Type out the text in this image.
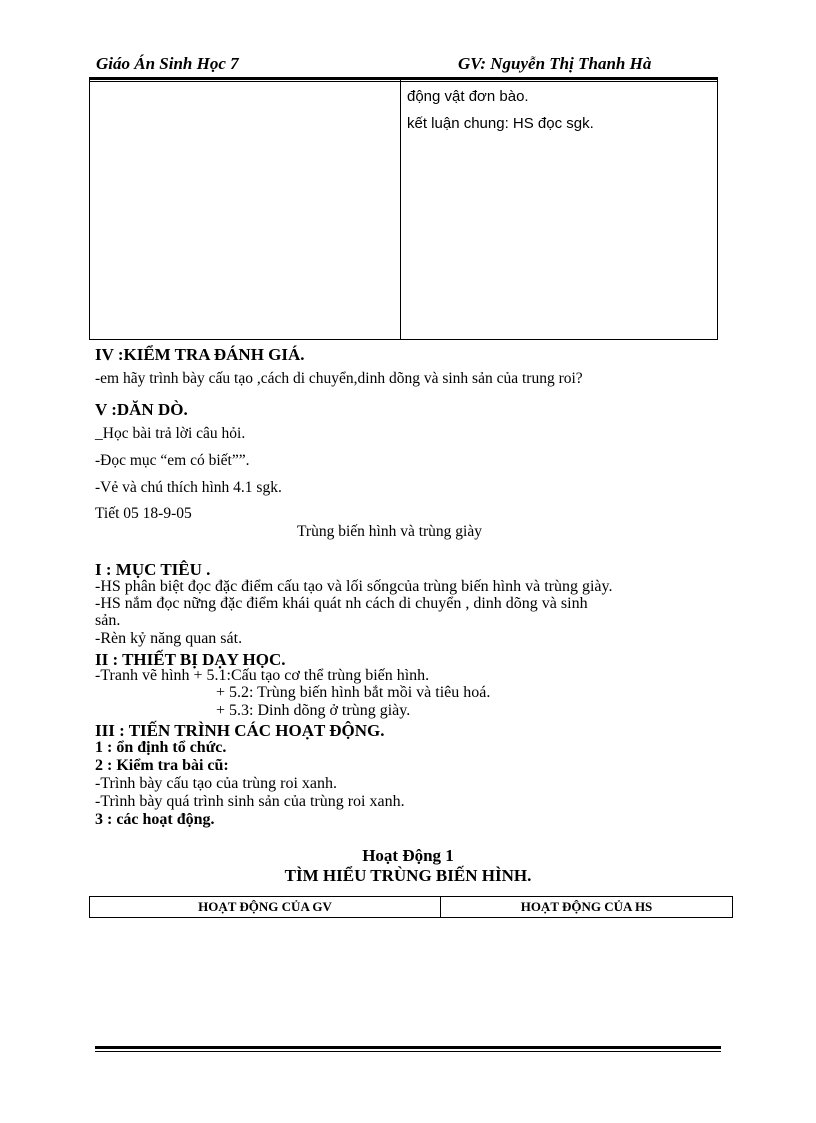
Giáo Án Sinh Học 7	GV: Nguyễn Thị Thanh Hà
động vật đơn bào.
kết luận chung: HS đọc sgk.
IV :KIỂM TRA ĐÁNH GIÁ.
-em hãy trình bày cấu tạo ,cách di chuyển,dinh dõng và sinh sản của trung roi?
V :DĂN DÒ.
_Học bài trả lời câu hỏi.
-Đọc mục “em có biết””.
-Vẻ và chú thích hình 4.1 sgk.
Tiết 05 18-9-05
Trùng biến hình và trùng giày
I : MỤC TIÊU .
-HS phân biệt đọc đặc điểm cấu tạo và lối sốngcủa trùng biến hình và trùng giày.
-HS nắm đọc nững đặc điểm khái quát nh cách di chuyển , dinh dõng và sinh
sản.
-Rèn kỷ năng quan sát.
II : THIẾT BỊ DẠY HỌC.
-Tranh vẽ hình + 5.1:Cấu tạo cơ thể trùng biến hình.
+ 5.2: Trùng biến hình bắt mồi và tiêu hoá.
+ 5.3: Dinh dõng ở trùng giày.
III : TIẾN TRÌNH CÁC HOẠT ĐỘNG.
1 : ổn định tổ chức.
2 : Kiểm tra bài cũ:
-Trình bày cấu tạo của trùng roi xanh.
-Trình bày quá trình sinh sản của trùng roi xanh.
3 : các hoạt động.
Hoạt Động 1
TÌM HIỂU TRÙNG BIẾN HÌNH.
HOẠT ĐỘNG CỦA GV	HOẠT ĐỘNG CỦA HS
